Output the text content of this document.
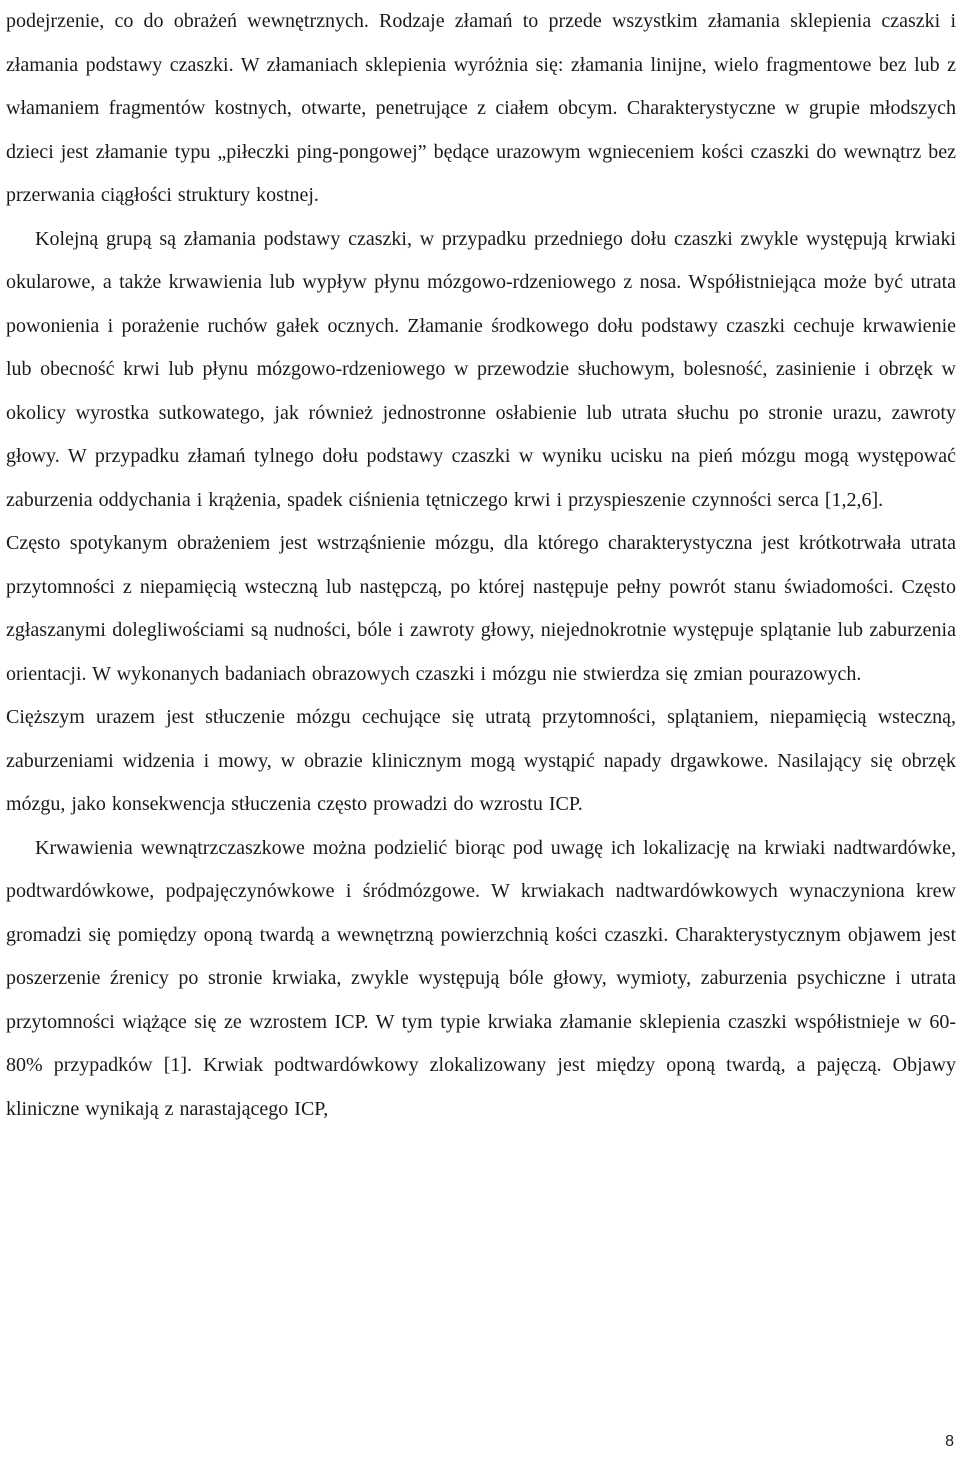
podejrzenie, co do obrażeń wewnętrznych. Rodzaje złamań to przede wszystkim złamania sklepienia czaszki i złamania podstawy czaszki. W złamaniach sklepienia wyróżnia się: złamania linijne, wielo fragmentowe bez lub z włamaniem fragmentów kostnych, otwarte, penetrujące z ciałem obcym. Charakterystyczne w grupie młodszych dzieci jest złamanie typu „piłeczki ping-pongowej” będące urazowym wgnieceniem kości czaszki do wewnątrz bez przerwania ciągłości struktury kostnej.

Kolejną grupą są złamania podstawy czaszki, w przypadku przedniego dołu czaszki zwykle występują krwiaki okularowe, a także krwawienia lub wypływ płynu mózgowo-rdzeniowego z nosa. Współistniejąca może być utrata powonienia i porażenie ruchów gałek ocznych. Złamanie środkowego dołu podstawy czaszki cechuje krwawienie lub obecność krwi lub płynu mózgowo-rdzeniowego w przewodzie słuchowym, bolesność, zasinienie i obrzęk w okolicy wyrostka sutkowatego, jak również jednostronne osłabienie lub utrata słuchu po stronie urazu, zawroty głowy. W przypadku złamań tylnego dołu podstawy czaszki w wyniku ucisku na pień mózgu mogą występować zaburzenia oddychania i krążenia, spadek ciśnienia tętniczego krwi i przyspieszenie czynności serca [1,2,6].

Często spotykanym obrażeniem jest wstrząśnienie mózgu, dla którego charakterystyczna jest krótkotrwała utrata przytomności z niepamięcią wsteczną lub następczą, po której następuje pełny powrót stanu świadomości. Często zgłaszanymi dolegliwościami są nudności, bóle i zawroty głowy, niejednokrotnie występuje splątanie lub zaburzenia orientacji. W wykonanych badaniach obrazowych czaszki i mózgu nie stwierdza się zmian pourazowych.

Cięższym urazem jest stłuczenie mózgu cechujące się utratą przytomności, splątaniem, niepamięcią wsteczną, zaburzeniami widzenia i mowy, w obrazie klinicznym mogą wystąpić napady drgawkowe. Nasilający się obrzęk mózgu, jako konsekwencja stłuczenia często prowadzi do wzrostu ICP.

Krwawienia wewnątrzczaszkowe można podzielić biorąc pod uwagę ich lokalizację na krwiaki nadtwardówke, podtwardówkowe, podpajęczynówkowe i śródmózgowe. W krwiakach nadtwardówkowych wynaczyniona krew gromadzi się pomiędzy oponą twardą a wewnętrzną powierzchnią kości czaszki. Charakterystycznym objawem jest poszerzenie źrenicy po stronie krwiaka, zwykle występują bóle głowy, wymioty, zaburzenia psychiczne i utrata przytomności wiążące się ze wzrostem ICP. W tym typie krwiaka złamanie sklepienia czaszki współistnieje w 60-80% przypadków [1]. Krwiak podtwardówkowy zlokalizowany jest między oponą twardą, a pajęczą. Objawy kliniczne wynikają z narastającego ICP,

8
